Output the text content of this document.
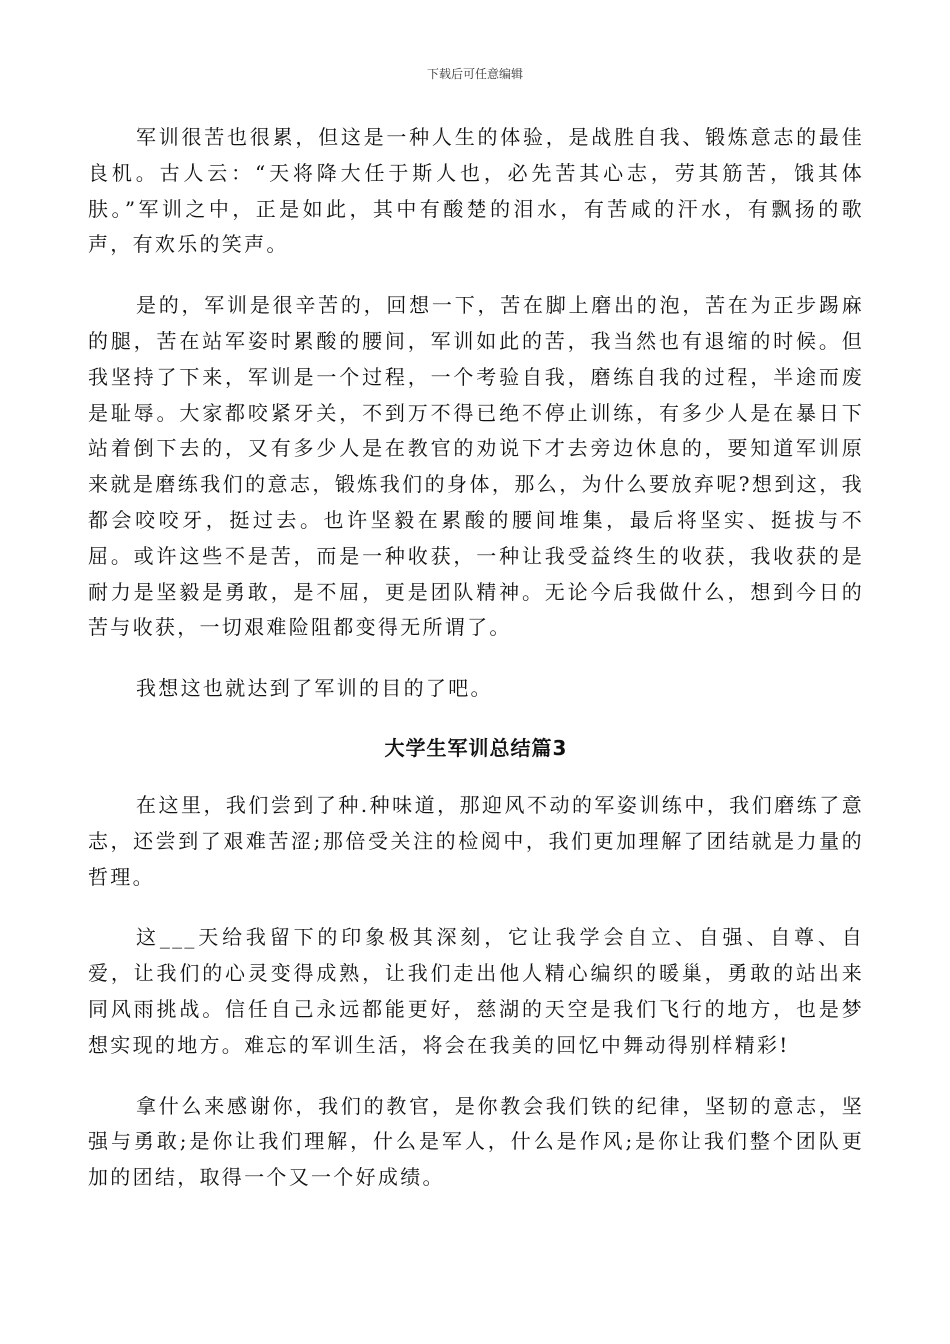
下载后可任意编辑

军训很苦也很累，但这是一种人生的体验，是战胜自我、锻炼意志的最佳良机。古人云：“天将降大任于斯人也，必先苦其心志，劳其筋苦，饿其体肤。”军训之中，正是如此，其中有酸楚的泪水，有苦咸的汗水，有飘扬的歌声，有欢乐的笑声。

是的，军训是很辛苦的，回想一下，苦在脚上磨出的泡，苦在为正步踢麻的腿，苦在站军姿时累酸的腰间，军训如此的苦，我当然也有退缩的时候。但我坚持了下来，军训是一个过程，一个考验自我，磨练自我的过程，半途而废是耻辱。大家都咬紧牙关，不到万不得已绝不停止训练，有多少人是在暴日下站着倒下去的，又有多少人是在教官的劝说下才去旁边休息的，要知道军训原来就是磨练我们的意志，锻炼我们的身体，那么，为什么要放弃呢?想到这，我都会咬咬牙，挺过去。也许坚毅在累酸的腰间堆集，最后将坚实、挺拔与不屈。或许这些不是苦，而是一种收获，一种让我受益终生的收获，我收获的是耐力是坚毅是勇敢，是不屈，更是团队精神。无论今后我做什么，想到今日的苦与收获，一切艰难险阻都变得无所谓了。

我想这也就达到了军训的目的了吧。

大学生军训总结篇3

在这里，我们尝到了种.种味道，那迎风不动的军姿训练中，我们磨练了意志，还尝到了艰难苦涩;那倍受关注的检阅中，我们更加理解了团结就是力量的哲理。

这___天给我留下的印象极其深刻，它让我学会自立、自强、自尊、自爱，让我们的心灵变得成熟，让我们走出他人精心编织的暖巢，勇敢的站出来同风雨挑战。信任自己永远都能更好，慈湖的天空是我们飞行的地方，也是梦想实现的地方。难忘的军训生活，将会在我美的回忆中舞动得别样精彩!

拿什么来感谢你，我们的教官，是你教会我们铁的纪律，坚韧的意志，坚强与勇敢;是你让我们理解，什么是军人，什么是作风;是你让我们整个团队更加的团结，取得一个又一个好成绩。
